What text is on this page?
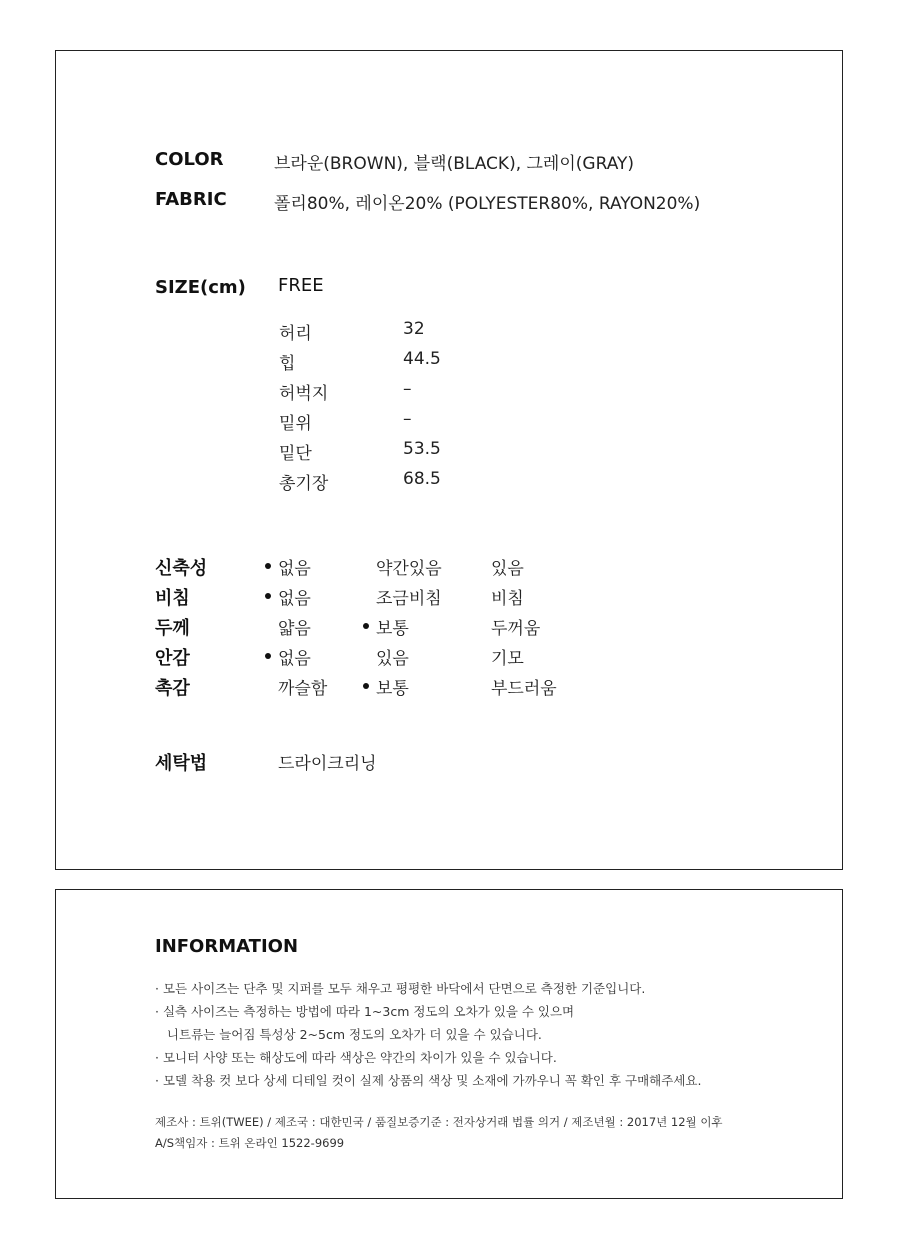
COLOR	브라운(BROWN), 블랙(BLACK), 그레이(GRAY)
FABRIC	폴리80%, 레이온20% (POLYESTER80%, RAYON20%)
SIZE(cm) FREE
세탁법	드라이크리닝
INFORMATION
제조사 : 트위(TWEE) / 제조국 : 대한민국 / 품질보증기준 : 전자상거래 법률 의거 / 제조년월 : 2017년 12월 이후
A/S책임자 : 트위 온라인 1522-9699
허리	32
힙	44.5
허벅지	–
밑위	–
밑단	53.5
총기장	68.5
신축성	없음	약간있음	있음
비침	없음	조금비침	비침
두께	얇음	보통	두꺼움
안감	없음	있음	기모
촉감	까슬함	보통	부드러움
· 모든 사이즈는 단추 및 지퍼를 모두 채우고 평평한 바닥에서 단면으로 측정한 기준입니다.
· 실측 사이즈는 측정하는 방법에 따라 1~3cm 정도의 오차가 있을 수 있으며
니트류는 늘어짐 특성상 2~5cm 정도의 오차가 더 있을 수 있습니다.
· 모니터 사양 또는 해상도에 따라 색상은 약간의 차이가 있을 수 있습니다.
· 모델 착용 컷 보다 상세 디테일 컷이 실제 상품의 색상 및 소재에 가까우니 꼭 확인 후 구매해주세요.
